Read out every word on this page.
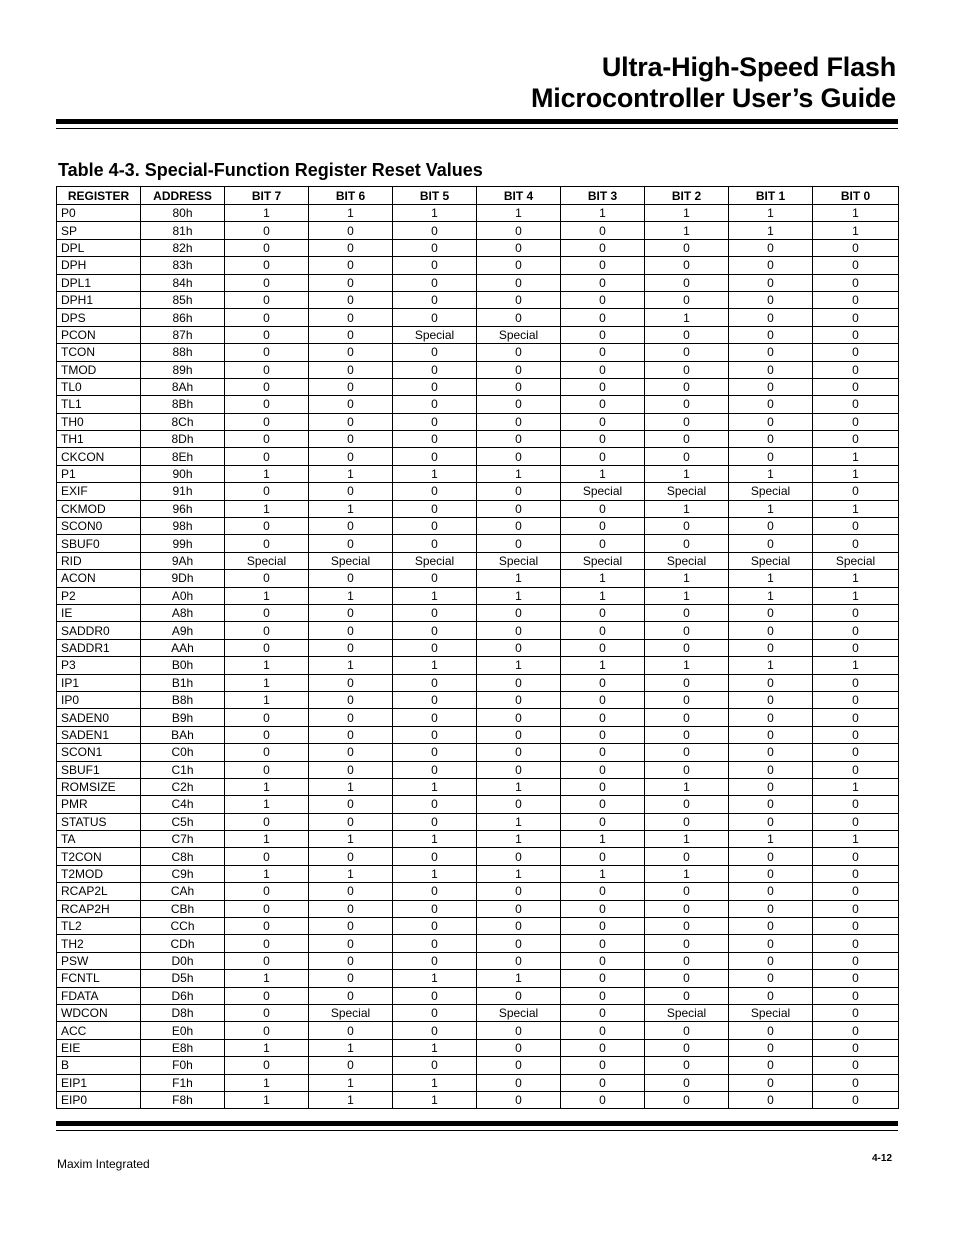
Ultra-High-Speed Flash
Microcontroller User’s Guide
Table 4-3. Special-Function Register Reset Values
REGISTER	ADDRESS	BIT 7	BIT 6	BIT 5	BIT 4	BIT 3	BIT 2	BIT 1	BIT 0
P0	80h	1	1	1	1	1	1	1	1
SP	81h	0	0	0	0	0	1	1	1
DPL	82h	0	0	0	0	0	0	0	0
DPH	83h	0	0	0	0	0	0	0	0
DPL1	84h	0	0	0	0	0	0	0	0
DPH1	85h	0	0	0	0	0	0	0	0
DPS	86h	0	0	0	0	0	1	0	0
PCON	87h	0	0	Special	Special	0	0	0	0
TCON	88h	0	0	0	0	0	0	0	0
TMOD	89h	0	0	0	0	0	0	0	0
TL0	8Ah	0	0	0	0	0	0	0	0
TL1	8Bh	0	0	0	0	0	0	0	0
TH0	8Ch	0	0	0	0	0	0	0	0
TH1	8Dh	0	0	0	0	0	0	0	0
CKCON	8Eh	0	0	0	0	0	0	0	1
P1	90h	1	1	1	1	1	1	1	1
EXIF	91h	0	0	0	0	Special	Special	Special	0
CKMOD	96h	1	1	0	0	0	1	1	1
SCON0	98h	0	0	0	0	0	0	0	0
SBUF0	99h	0	0	0	0	0	0	0	0
RID	9Ah	Special	Special	Special	Special	Special	Special	Special	Special
ACON	9Dh	0	0	0	1	1	1	1	1
P2	A0h	1	1	1	1	1	1	1	1
IE	A8h	0	0	0	0	0	0	0	0
SADDR0	A9h	0	0	0	0	0	0	0	0
SADDR1	AAh	0	0	0	0	0	0	0	0
P3	B0h	1	1	1	1	1	1	1	1
IP1	B1h	1	0	0	0	0	0	0	0
IP0	B8h	1	0	0	0	0	0	0	0
SADEN0	B9h	0	0	0	0	0	0	0	0
SADEN1	BAh	0	0	0	0	0	0	0	0
SCON1	C0h	0	0	0	0	0	0	0	0
SBUF1	C1h	0	0	0	0	0	0	0	0
ROMSIZE	C2h	1	1	1	1	0	1	0	1
PMR	C4h	1	0	0	0	0	0	0	0
STATUS	C5h	0	0	0	1	0	0	0	0
TA	C7h	1	1	1	1	1	1	1	1
T2CON	C8h	0	0	0	0	0	0	0	0
T2MOD	C9h	1	1	1	1	1	1	0	0
RCAP2L	CAh	0	0	0	0	0	0	0	0
RCAP2H	CBh	0	0	0	0	0	0	0	0
TL2	CCh	0	0	0	0	0	0	0	0
TH2	CDh	0	0	0	0	0	0	0	0
PSW	D0h	0	0	0	0	0	0	0	0
FCNTL	D5h	1	0	1	1	0	0	0	0
FDATA	D6h	0	0	0	0	0	0	0	0
WDCON	D8h	0	Special	0	Special	0	Special	Special	0
ACC	E0h	0	0	0	0	0	0	0	0
EIE	E8h	1	1	1	0	0	0	0	0
B	F0h	0	0	0	0	0	0	0	0
EIP1	F1h	1	1	1	0	0	0	0	0
EIP0	F8h	1	1	1	0	0	0	0	0
Maxim Integrated	4-12
